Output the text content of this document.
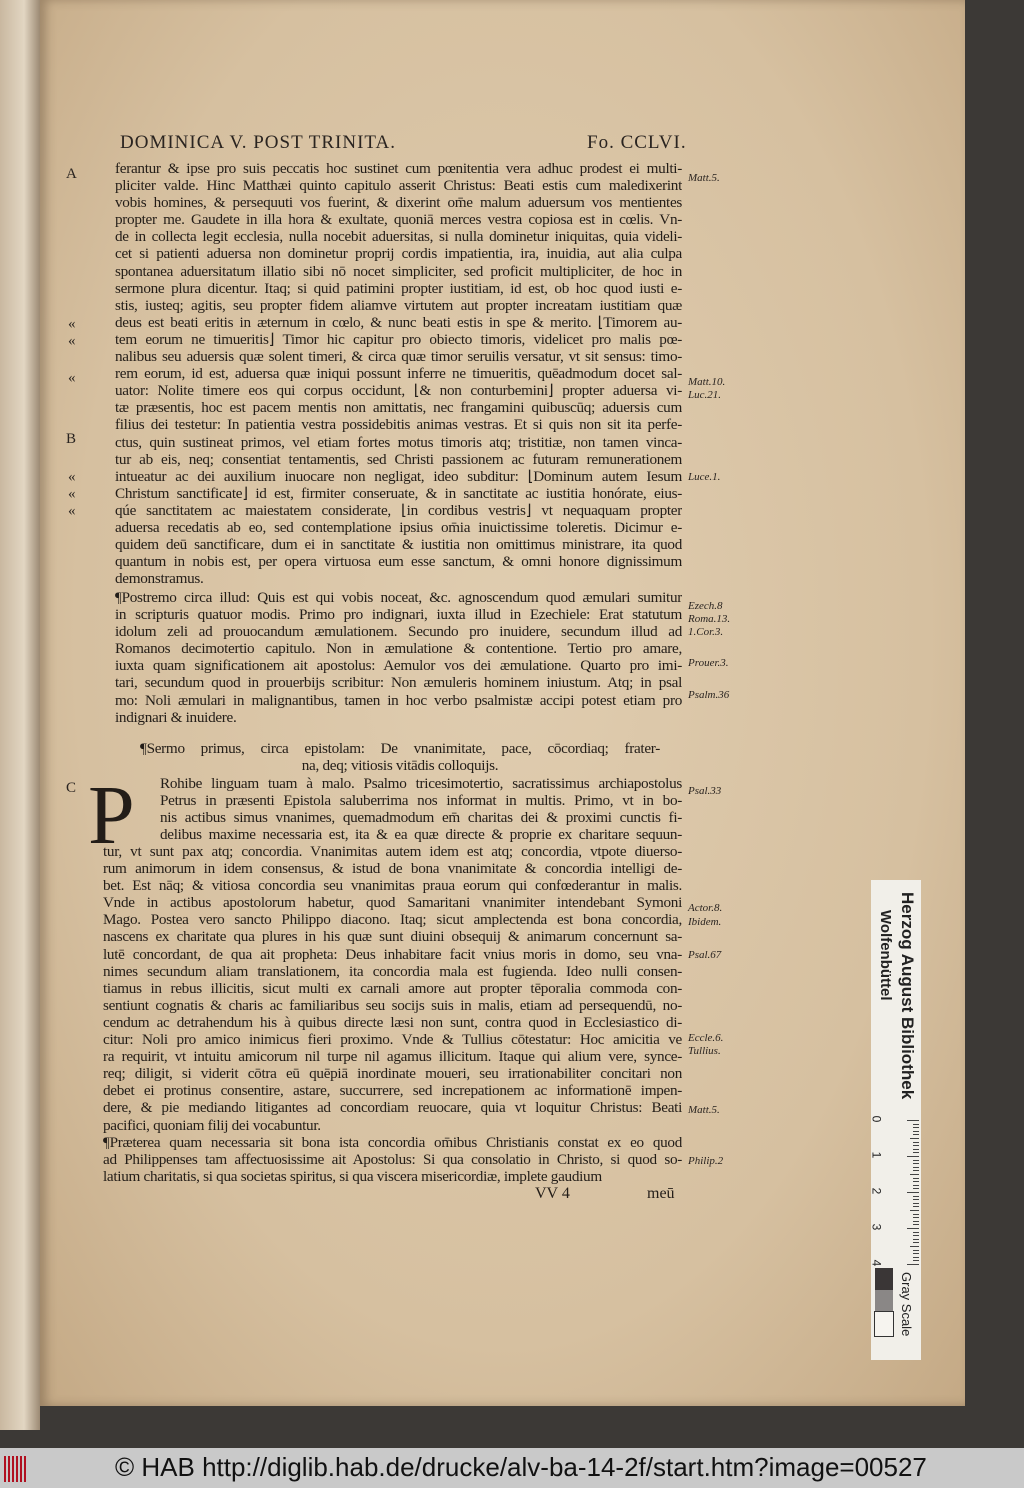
DOMINICA V. POST TRINITA.	Fo. CCLVI.
A
B
C
«
«
«
«
«
«
ferantur & ipse pro suis peccatis hoc sustinet cum pœnitentia vera adhuc prodest ei multi-
pliciter valde. Hinc Matthæi quinto capitulo asserit Christus: Beati estis cum maledixerint
vobis homines, & persequuti vos fuerint, & dixerint om̄e malum aduersum vos mentientes
propter me. Gaudete in illa hora & exultate, quoniā merces vestra copiosa est in cœlis. Vn-
de in collecta legit ecclesia, nulla nocebit aduersitas, si nulla dominetur iniquitas, quia videli-
cet si patienti aduersa non dominetur proprij cordis impatientia, ira, inuidia, aut alia culpa
spontanea aduersitatum illatio sibi nō nocet simpliciter, sed proficit multipliciter, de hoc in
sermone plura dicentur. Itaq; si quid patimini propter iustitiam, id est, ob hoc quod iusti e-
stis, iusteq; agitis, seu propter fidem aliamve virtutem aut propter increatam iustitiam quæ
deus est beati eritis in æternum in cœlo, & nunc beati estis in spe & merito. ⌊Timorem au-
tem eorum ne timueritis⌋ Timor hic capitur pro obiecto timoris, videlicet pro malis pœ-
nalibus seu aduersis quæ solent timeri, & circa quæ timor seruilis versatur, vt sit sensus: timo-
rem eorum, id est, aduersa quæ iniqui possunt inferre ne timueritis, quēadmodum docet sal-
uator: Nolite timere eos qui corpus occidunt, ⌊& non conturbemini⌋ propter aduersa vi-
tæ præsentis, hoc est pacem mentis non amittatis, nec frangamini quibuscūq; aduersis cum
filius dei testetur: In patientia vestra possidebitis animas vestras. Et si quis non sit ita perfe-
ctus, quin sustineat primos, vel etiam fortes motus timoris atq; tristitiæ, non tamen vinca-
tur ab eis, neq; consentiat tentamentis, sed Christi passionem ac futuram remunerationem
intueatur ac dei auxilium inuocare non negligat, ideo subditur: ⌊Dominum autem Iesum
Christum sanctificate⌋ id est, firmiter conseruate, & in sanctitate ac iustitia honórate, eius-
qúe sanctitatem ac maiestatem considerate, ⌊in cordibus vestris⌋ vt nequaquam propter
aduersa recedatis ab eo, sed contemplatione ipsius om̄ia inuictissime toleretis. Dicimur e-
quidem deū sanctificare, dum ei in sanctitate & iustitia non omittimus ministrare, ita quod
quantum in nobis est, per opera virtuosa eum esse sanctum, & omni honore dignissimum
demonstramus.
¶Postremo circa illud: Quis est qui vobis noceat, &c. agnoscendum quod æmulari sumitur
in scripturis quatuor modis. Primo pro indignari, iuxta illud in Ezechiele: Erat statutum
idolum zeli ad prouocandum æmulationem. Secundo pro inuidere, secundum illud ad
Romanos decimotertio capitulo. Non in æmulatione & contentione. Tertio pro amare,
iuxta quam significationem ait apostolus: Aemulor vos dei æmulatione. Quarto pro imi-
tari, secundum quod in prouerbijs scribitur: Non æmuleris hominem iniustum. Atq; in psal
mo: Noli æmulari in malignantibus, tamen in hoc verbo psalmistæ accipi potest etiam pro
indignari & inuidere.
¶Sermo primus, circa epistolam: De vnanimitate, pace, cōcordiaq; frater-
na, deq; vitiosis vitādis colloquijs.
P Rohibe linguam tuam à malo. Psalmo tricesimotertio, sacratissimus archiapostolus
Petrus in præsenti Epistola saluberrima nos informat in multis. Primo, vt in bo-
nis actibus simus vnanimes, quemadmodum em̄ charitas dei & proximi cunctis fi-
delibus maxime necessaria est, ita & ea quæ directe & proprie ex charitare sequun-
tur, vt sunt pax atq; concordia. Vnanimitas autem idem est atq; concordia, vtpote diuerso-
rum animorum in idem consensus, & istud de bona vnanimitate & concordia intelligi de-
bet. Est nāq; & vitiosa concordia seu vnanimitas praua eorum qui confœderantur in malis.
Vnde in actibus apostolorum habetur, quod Samaritani vnanimiter intendebant Symoni
Mago. Postea vero sancto Philippo diacono. Itaq; sicut amplectenda est bona concordia,
nascens ex charitate qua plures in his quæ sunt diuini obsequij & animarum concernunt sa-
lutē concordant, de qua ait propheta: Deus inhabitare facit vnius moris in domo, seu vna-
nimes secundum aliam translationem, ita concordia mala est fugienda. Ideo nulli consen-
tiamus in rebus illicitis, sicut multi ex carnali amore aut propter tēporalia commoda con-
sentiunt cognatis & charis ac familiaribus seu socijs suis in malis, etiam ad persequendū, no-
cendum ac detrahendum his à quibus directe læsi non sunt, contra quod in Ecclesiastico di-
citur: Noli pro amico inimicus fieri proximo. Vnde & Tullius cōtestatur: Hoc amicitia ve
ra requirit, vt intuitu amicorum nil turpe nil agamus illicitum. Itaque qui alium vere, synce-
req; diligit, si viderit cōtra eū quēpiā inordinate moueri, seu irrationabiliter concitari non
debet ei protinus consentire, astare, succurrere, sed increpationem ac informationē impen-
dere, & pie mediando litigantes ad concordiam reuocare, quia vt loquitur Christus: Beati
pacifici, quoniam filij dei vocabuntur.
¶Præterea quam necessaria sit bona ista concordia om̄ibus Christianis constat ex eo quod
ad Philippenses tam affectuosissime ait Apostolus: Si qua consolatio in Christo, si quod so-
latium charitatis, si qua societas spiritus, si qua viscera misericordiæ, implete gaudium
VV 4	meū
Matt.5.
Matt.10.
Luc.21.
Luce.1.
Ezech.8
Roma.13.
1.Cor.3.
Prouer.3.
Psalm.36
Psal.33
Actor.8.
Ibidem.
Psal.67
Eccle.6.
Tullius.
Matt.5.
Philip.2
Herzog August Bibliothek
Wolfenbüttel
0
1
2
3
4
Gray Scale
© HAB http://diglib.hab.de/drucke/alv-ba-14-2f/start.htm?image=00527
